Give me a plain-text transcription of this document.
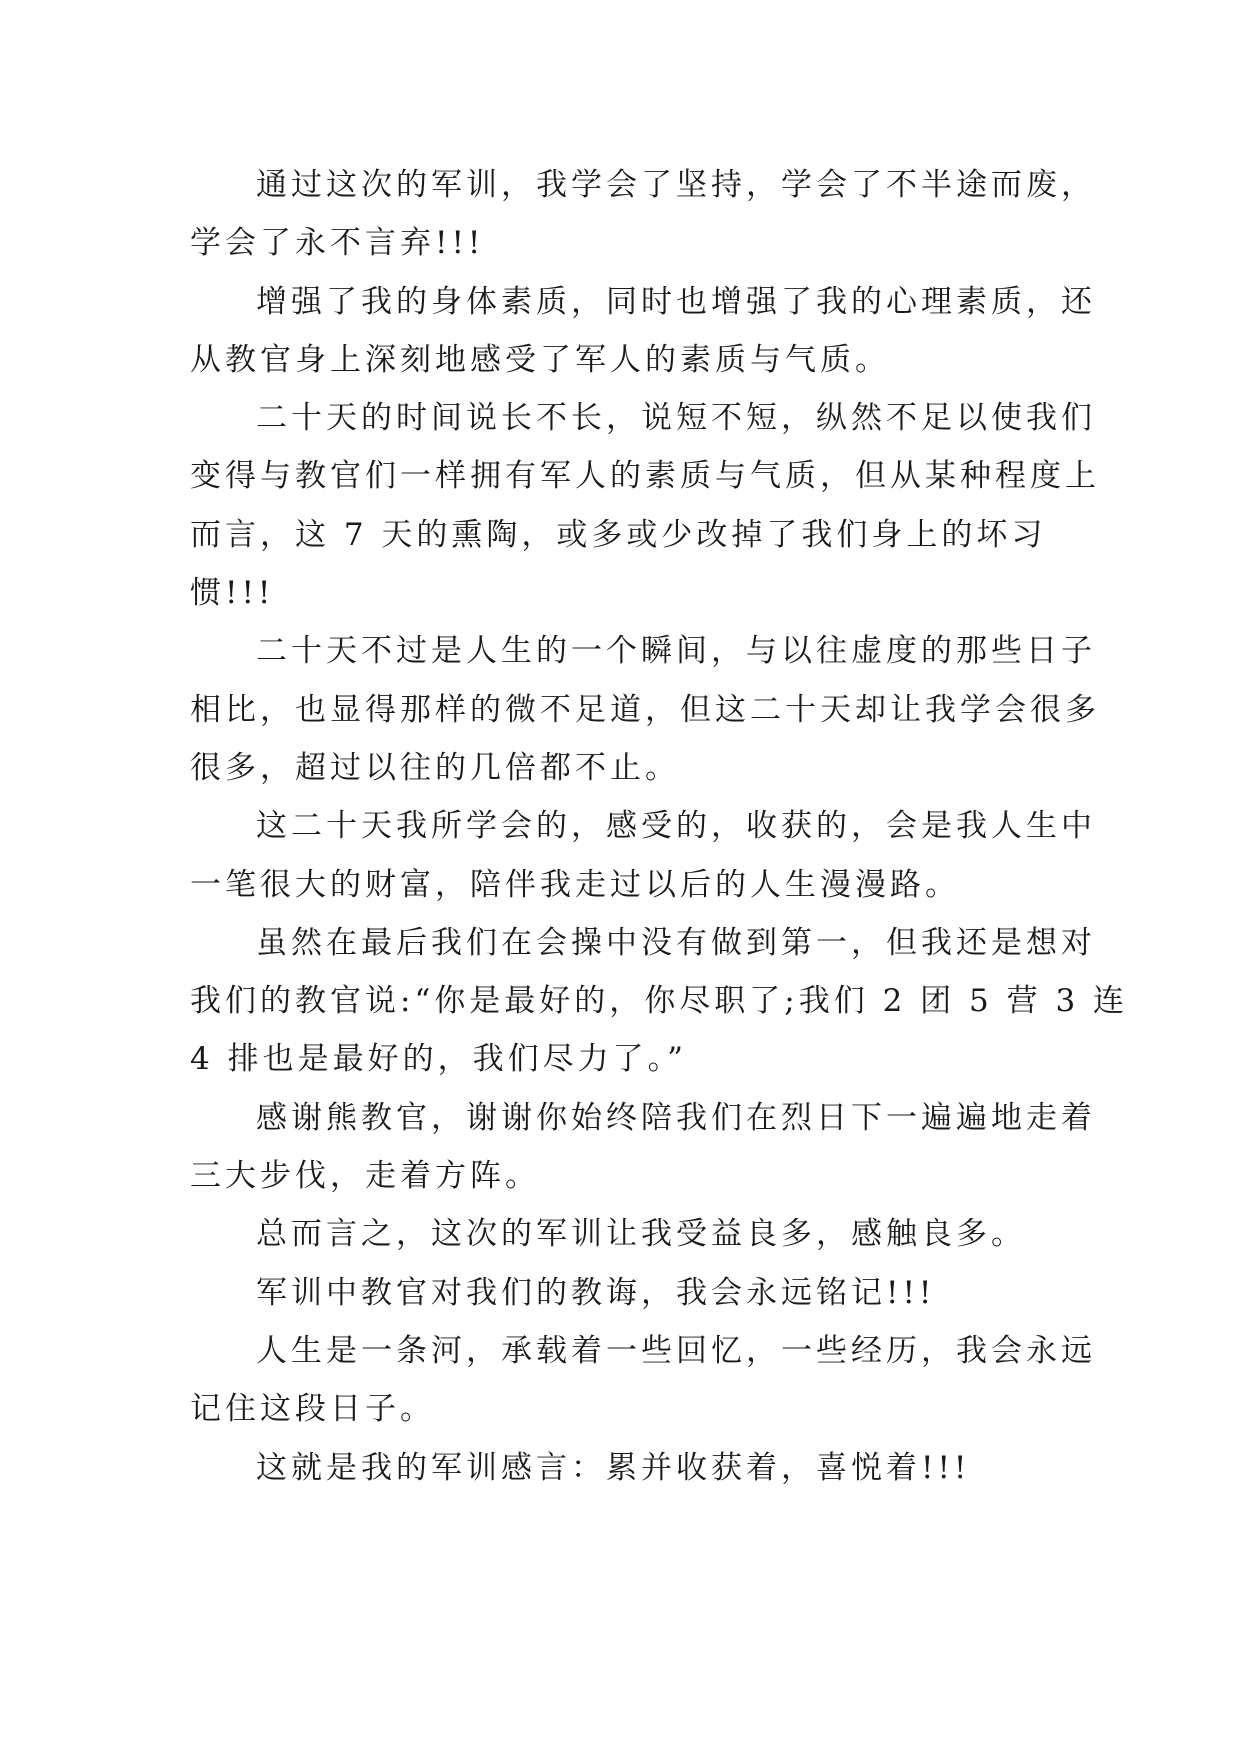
通过这次的军训，我学会了坚持，学会了不半途而废，
学会了永不言弃!!!
增强了我的身体素质，同时也增强了我的心理素质，还
从教官身上深刻地感受了军人的素质与气质。
二十天的时间说长不长，说短不短，纵然不足以使我们
变得与教官们一样拥有军人的素质与气质，但从某种程度上
而言，这 7 天的熏陶，或多或少改掉了我们身上的坏习
惯!!!
二十天不过是人生的一个瞬间，与以往虚度的那些日子
相比，也显得那样的微不足道，但这二十天却让我学会很多
很多，超过以往的几倍都不止。
这二十天我所学会的，感受的，收获的，会是我人生中
一笔很大的财富，陪伴我走过以后的人生漫漫路。
虽然在最后我们在会操中没有做到第一，但我还是想对
我们的教官说:“你是最好的，你尽职了;我们 2 团 5 营 3 连
4 排也是最好的，我们尽力了。”
感谢熊教官，谢谢你始终陪我们在烈日下一遍遍地走着
三大步伐，走着方阵。
总而言之，这次的军训让我受益良多，感触良多。
军训中教官对我们的教诲，我会永远铭记!!!
人生是一条河，承载着一些回忆，一些经历，我会永远
记住这段日子。
这就是我的军训感言：累并收获着，喜悦着!!!
